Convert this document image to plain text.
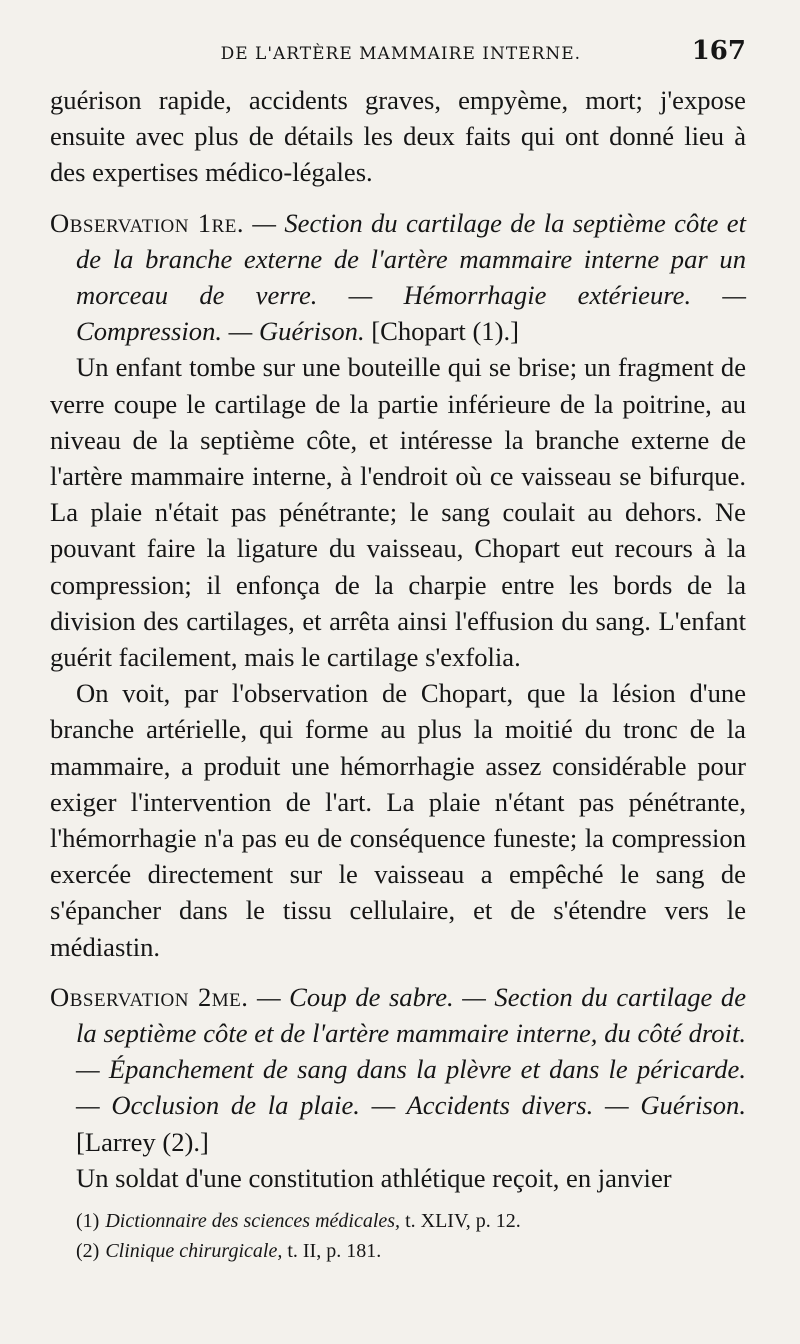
DE L'ARTÈRE MAMMAIRE INTERNE.	167

guérison rapide, accidents graves, empyème, mort; j'expose ensuite avec plus de détails les deux faits qui ont donné lieu à des expertises médico-légales.

Observation 1re. — Section du cartilage de la septième côte et de la branche externe de l'artère mammaire interne par un morceau de verre. — Hémorrhagie extérieure. — Compression. — Guérison. [Chopart (1).]

Un enfant tombe sur une bouteille qui se brise; un fragment de verre coupe le cartilage de la partie inférieure de la poitrine, au niveau de la septième côte, et intéresse la branche externe de l'artère mammaire interne, à l'endroit où ce vaisseau se bifurque. La plaie n'était pas pénétrante; le sang coulait au dehors. Ne pouvant faire la ligature du vaisseau, Chopart eut recours à la compression; il enfonça de la charpie entre les bords de la division des cartilages, et arrêta ainsi l'effusion du sang. L'enfant guérit facilement, mais le cartilage s'exfolia.

On voit, par l'observation de Chopart, que la lésion d'une branche artérielle, qui forme au plus la moitié du tronc de la mammaire, a produit une hémorrhagie assez considérable pour exiger l'intervention de l'art. La plaie n'étant pas pénétrante, l'hémorrhagie n'a pas eu de conséquence funeste; la compression exercée directement sur le vaisseau a empêché le sang de s'épancher dans le tissu cellulaire, et de s'étendre vers le médiastin.

Observation 2me. — Coup de sabre. — Section du cartilage de la septième côte et de l'artère mammaire interne, du côté droit. — Épanchement de sang dans la plèvre et dans le péricarde. — Occlusion de la plaie. — Accidents divers. — Guérison. [Larrey (2).]

Un soldat d'une constitution athlétique reçoit, en janvier

(1) Dictionnaire des sciences médicales, t. XLIV, p. 12.

(2) Clinique chirurgicale, t. II, p. 181.
